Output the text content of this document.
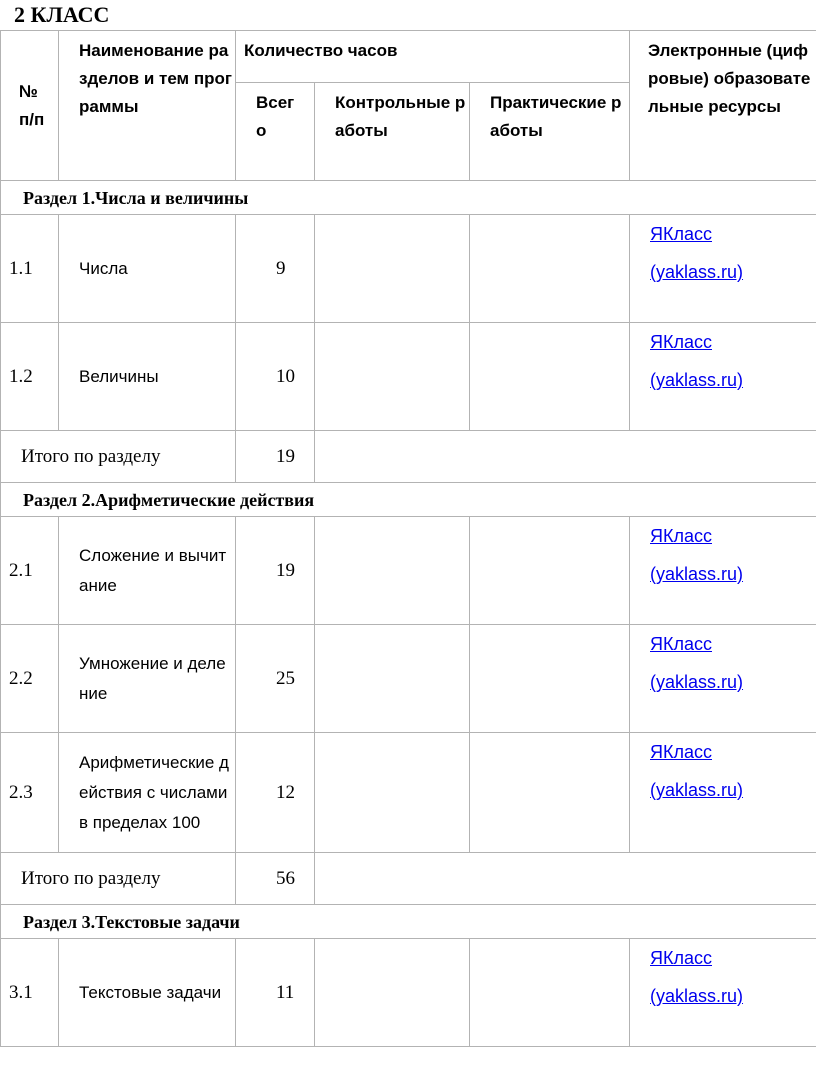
2 КЛАСС
№ п/п	Наименование разделов и тем программы	Количество часов			Электронные (цифровые) образовательные ресурсы

		Всего	Контрольные работы	Практические работы	

Раздел 1.Числа и величины					
1.1	Числа	9			ЯКласс
(yaklass.ru)

1.2	Величины	10			ЯКласс
(yaklass.ru)

Итого по разделу		19			
Раздел 2.Арифметические действия					
2.1	Сложение и вычитание	19			ЯКласс
(yaklass.ru)

2.2	Умножение и деление	25			ЯКласс
(yaklass.ru)

2.3	Арифметические действия с числами в пределах 100	12			ЯКласс
(yaklass.ru)

Итого по разделу		56			
Раздел 3.Текстовые задачи					
3.1	Текстовые задачи	11			ЯКласс
(yaklass.ru)
